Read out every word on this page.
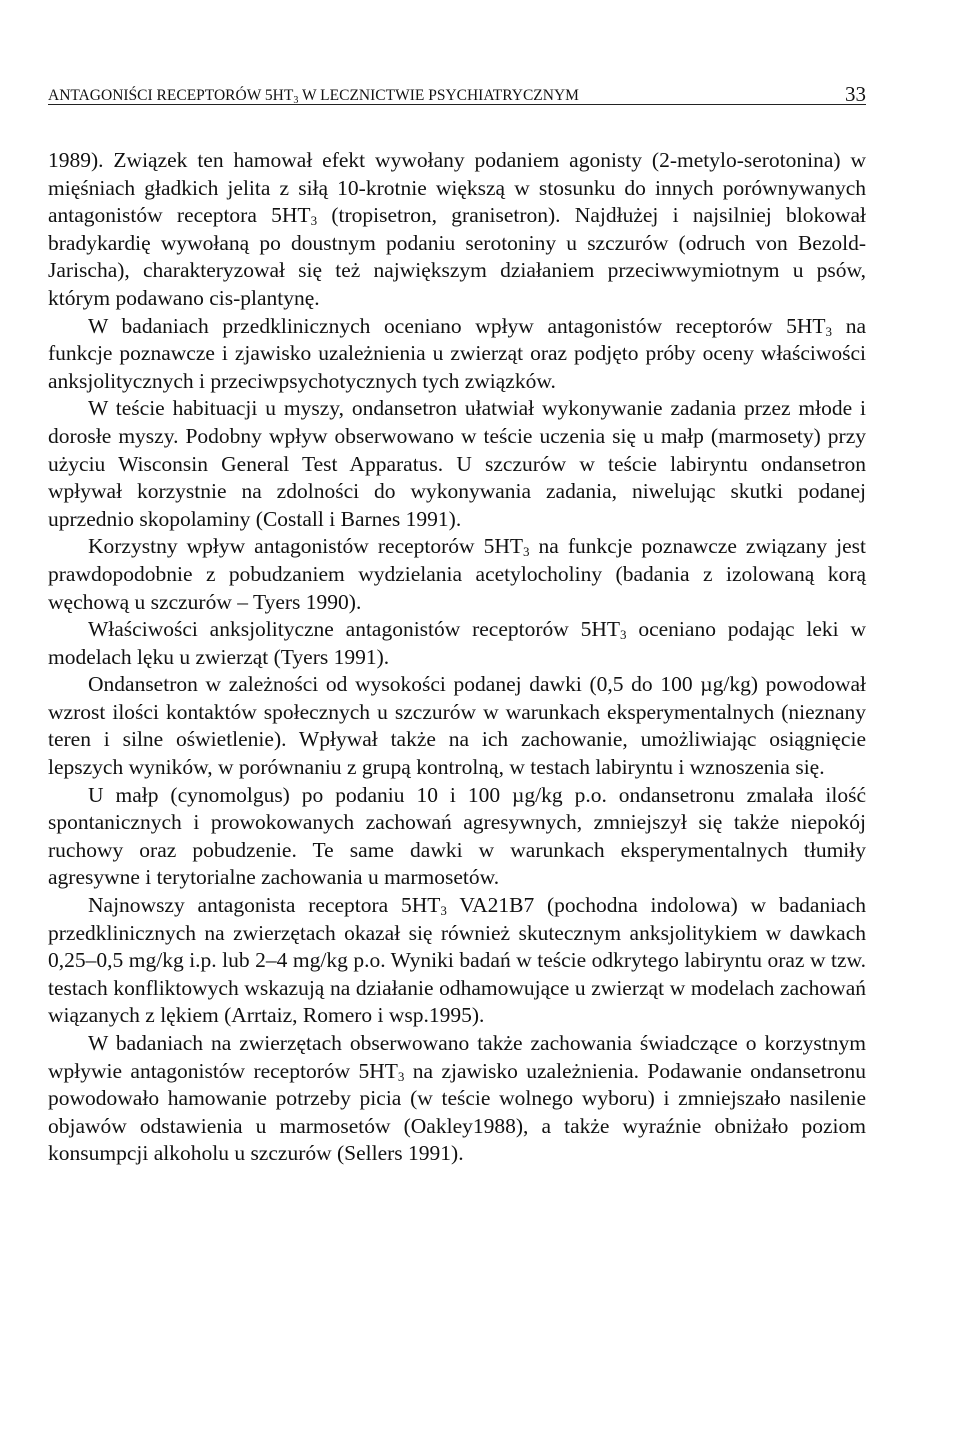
ANTAGONIŚCI RECEPTORÓW $5HT_3$ W LECZNICTWIE PSYCHIATRYCZNYM	33

1989). Związek ten hamował efekt wywołany podaniem agonisty (2-metylo-serotonina) w mięśniach gładkich jelita z siłą 10-krotnie większą w stosunku do innych porównywanych antagonistów receptora $5HT_3$ (tropisetron, granisetron). Najdłużej i najsilniej blokował bradykardię wywołaną po doustnym podaniu serotoniny u szczurów (odruch von Bezold-Jarischa), charakteryzował się też największym działaniem przeciwwymiotnym u psów, którym podawano cis-plantynę.

W badaniach przedklinicznych oceniano wpływ antagonistów receptorów $5HT_3$ na funkcje poznawcze i zjawisko uzależnienia u zwierząt oraz podjęto próby oceny właściwości anksjolitycznych i przeciwpsychotycznych tych związków.

W teście habituacji u myszy, ondansetron ułatwiał wykonywanie zadania przez młode i dorosłe myszy. Podobny wpływ obserwowano w teście uczenia się u małp (marmosety) przy użyciu Wisconsin General Test Apparatus. U szczurów w teście labiryntu ondansetron wpływał korzystnie na zdolności do wykonywania zadania, niwelując skutki podanej uprzednio skopolaminy (Costall i Barnes 1991).

Korzystny wpływ antagonistów receptorów $5HT_3$ na funkcje poznawcze związany jest prawdopodobnie z pobudzaniem wydzielania acetylocholiny (badania z izolowaną korą węchową u szczurów – Tyers 1990).

Właściwości anksjolityczne antagonistów receptorów $5HT_3$ oceniano podając leki w modelach lęku u zwierząt (Tyers 1991).

Ondansetron w zależności od wysokości podanej dawki (0,5 do 100 µg/kg) powodował wzrost ilości kontaktów społecznych u szczurów w warunkach eksperymentalnych (nieznany teren i silne oświetlenie). Wpływał także na ich zachowanie, umożliwiając osiągnięcie lepszych wyników, w porównaniu z grupą kontrolną, w testach labiryntu i wznoszenia się.

U małp (cynomolgus) po podaniu 10 i 100 µg/kg p.o. ondansetronu zmalała ilość spontanicznych i prowokowanych zachowań agresywnych, zmniejszył się także niepokój ruchowy oraz pobudzenie. Te same dawki w warunkach eksperymentalnych tłumiły agresywne i terytorialne zachowania u marmosetów.

Najnowszy antagonista receptora $5HT_3$ VA21B7 (pochodna indolowa) w badaniach przedklinicznych na zwierzętach okazał się również skutecznym anksjolitykiem w dawkach 0,25–0,5 mg/kg i.p. lub 2–4 mg/kg p.o. Wyniki badań w teście odkrytego labiryntu oraz w tzw. testach konfliktowych wskazują na działanie odhamowujące u zwierząt w modelach zachowań wiązanych z lękiem (Arrtaiz, Romero i wsp.1995).

W badaniach na zwierzętach obserwowano także zachowania świadczące o korzystnym wpływie antagonistów receptorów $5HT_3$ na zjawisko uzależnienia. Podawanie ondansetronu powodowało hamowanie potrzeby picia (w teście wolnego wyboru) i zmniejszało nasilenie objawów odstawienia u marmosetów (Oakley1988), a także wyraźnie obniżało poziom konsumpcji alkoholu u szczurów (Sellers 1991).
